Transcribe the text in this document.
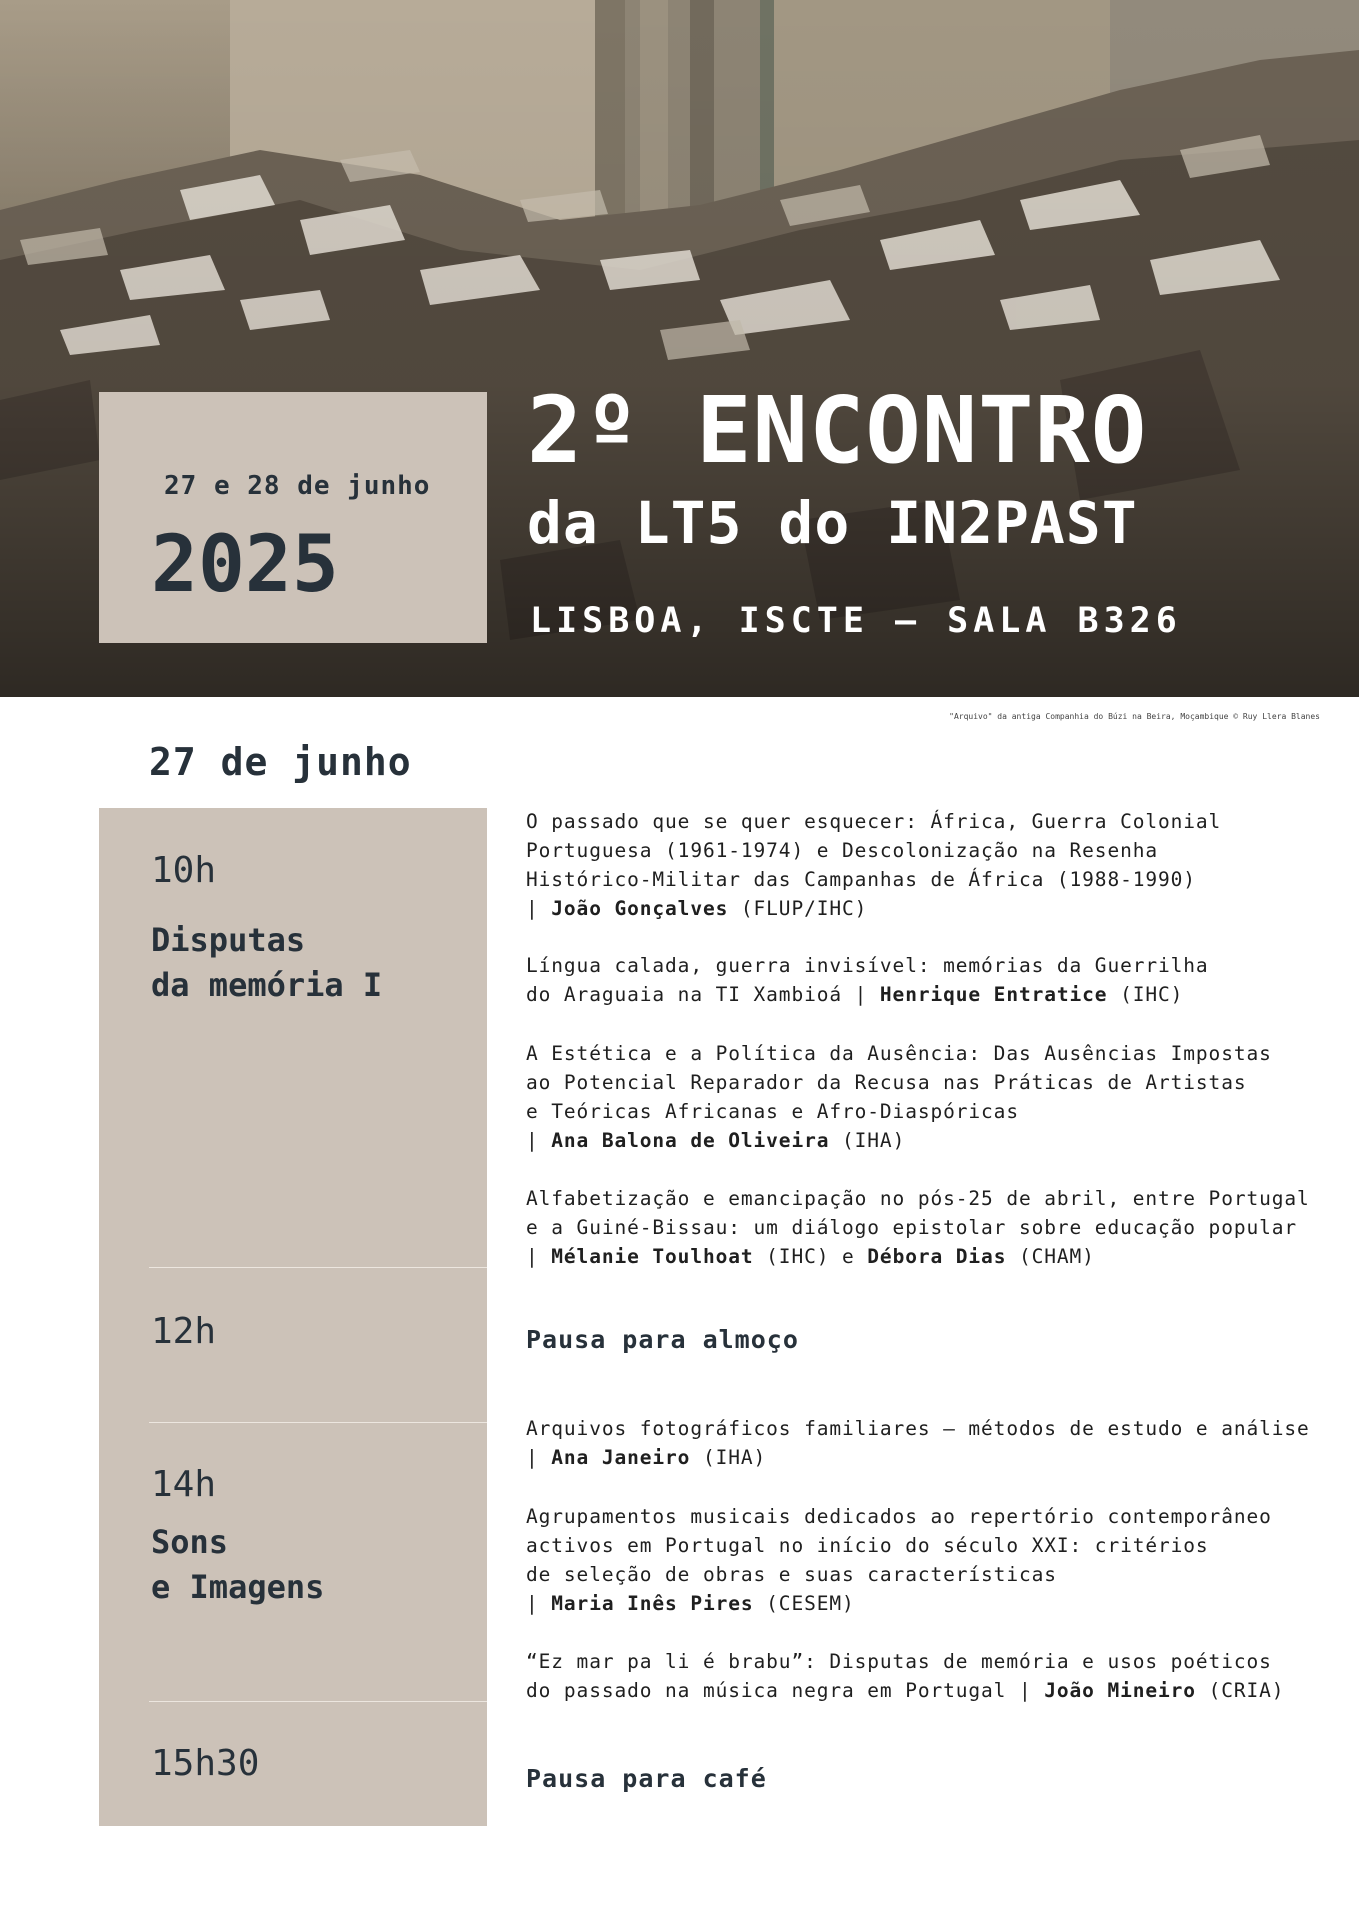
27 e 28 de junho
2025
2º ENCONTRO
da LT5 do IN2PAST
LISBOA, ISCTE – SALA B326
"Arquivo" da antiga Companhia do Búzi na Beira, Moçambique © Ruy Llera Blanes
27 de junho
10h
Disputas
da memória I
12h
14h
Sons
e Imagens
15h30
O passado que se quer esquecer: África, Guerra Colonial
Portuguesa (1961-1974) e Descolonização na Resenha
Histórico-Militar das Campanhas de África (1988-1990)
| João Gonçalves (FLUP/IHC)
Língua calada, guerra invisível: memórias da Guerrilha
do Araguaia na TI Xambioá | Henrique Entratice (IHC)
A Estética e a Política da Ausência: Das Ausências Impostas
ao Potencial Reparador da Recusa nas Práticas de Artistas
e Teóricas Africanas e Afro-Diaspóricas
| Ana Balona de Oliveira (IHA)
Alfabetização e emancipação no pós-25 de abril, entre Portugal
e a Guiné-Bissau: um diálogo epistolar sobre educação popular
| Mélanie Toulhoat (IHC) e Débora Dias (CHAM)
Pausa para almoço
Arquivos fotográficos familiares – métodos de estudo e análise
| Ana Janeiro (IHA)
Agrupamentos musicais dedicados ao repertório contemporâneo
activos em Portugal no início do século XXI: critérios
de seleção de obras e suas características
| Maria Inês Pires (CESEM)
“Ez mar pa li é brabu”: Disputas de memória e usos poéticos
do passado na música negra em Portugal | João Mineiro (CRIA)
Pausa para café
